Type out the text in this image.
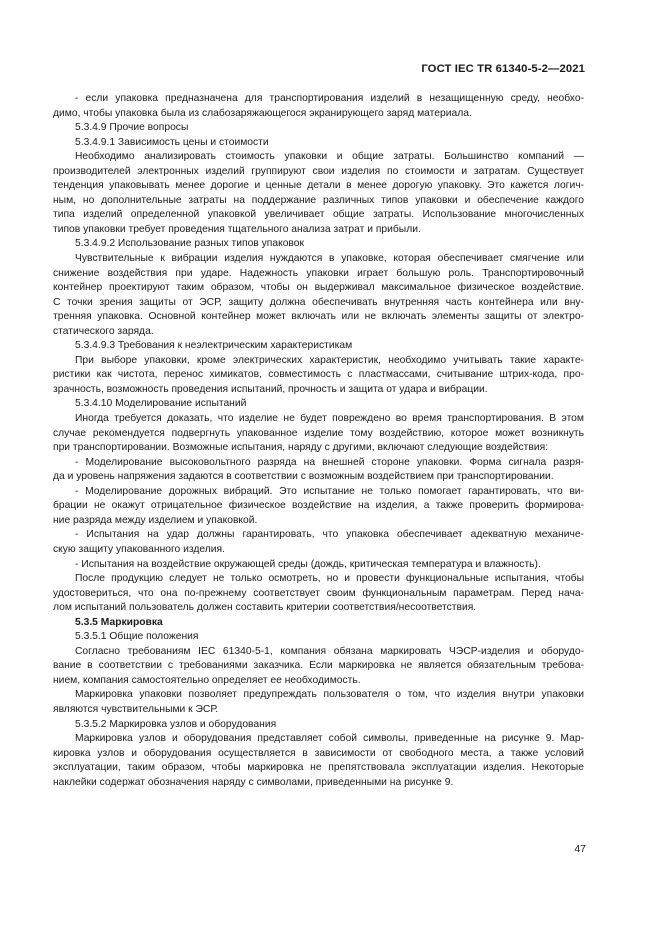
ГОСТ IEC TR 61340-5-2—2021
- если упаковка предназначена для транспортирования изделий в незащищенную среду, необхо-
димо, чтобы упаковка была из слабозаряжающегося экранирующего заряд материала.
5.3.4.9 Прочие вопросы
5.3.4.9.1 Зависимость цены и стоимости
Необходимо анализировать стоимость упаковки и общие затраты. Большинство компаний —
производителей электронных изделий группируют свои изделия по стоимости и затратам. Существует
тенденция упаковывать менее дорогие и ценные детали в менее дорогую упаковку. Это кажется логич-
ным, но дополнительные затраты на поддержание различных типов упаковки и обеспечение каждого
типа изделий определенной упаковкой увеличивает общие затраты. Использование многочисленных
типов упаковки требует проведения тщательного анализа затрат и прибыли.
5.3.4.9.2 Использование разных типов упаковок
Чувствительные к вибрации изделия нуждаются в упаковке, которая обеспечивает смягчение или
снижение воздействия при ударе. Надежность упаковки играет большую роль. Транспортировочный
контейнер проектируют таким образом, чтобы он выдерживал максимальное физическое воздействие.
С точки зрения защиты от ЭСР, защиту должна обеспечивать внутренняя часть контейнера или вну-
тренняя упаковка. Основной контейнер может включать или не включать элементы защиты от электро-
статического заряда.
5.3.4.9.3 Требования к неэлектрическим характеристикам
При выборе упаковки, кроме электрических характеристик, необходимо учитывать такие характе-
ристики как чистота, перенос химикатов, совместимость с пластмассами, считывание штрих-кода, про-
зрачность, возможность проведения испытаний, прочность и защита от удара и вибрации.
5.3.4.10 Моделирование испытаний
Иногда требуется доказать, что изделие не будет повреждено во время транспортирования. В этом
случае рекомендуется подвергнуть упакованное изделие тому воздействию, которое может возникнуть
при транспортировании. Возможные испытания, наряду с другими, включают следующие воздействия:
- Моделирование высоковольтного разряда на внешней стороне упаковки. Форма сигнала разря-
да и уровень напряжения задаются в соответствии с возможным воздействием при транспортировании.
- Моделирование дорожных вибраций. Это испытание не только помогает гарантировать, что ви-
брации не окажут отрицательное физическое воздействие на изделия, а также проверить формирова-
ние разряда между изделием и упаковкой.
- Испытания на удар должны гарантировать, что упаковка обеспечивает адекватную механиче-
скую защиту упакованного изделия.
- Испытания на воздействие окружающей среды (дождь, критическая температура и влажность).
После продукцию следует не только осмотреть, но и провести функциональные испытания, чтобы
удостовериться, что она по-прежнему соответствует своим функциональным параметрам. Перед нача-
лом испытаний пользователь должен составить критерии соответствия/несоответствия.
5.3.5 Маркировка
5.3.5.1 Общие положения
Согласно требованиям IEC 61340-5-1, компания обязана маркировать ЧЭСР-изделия и оборудо-
вание в соответствии с требованиями заказчика. Если маркировка не является обязательным требова-
нием, компания самостоятельно определяет ее необходимость.
Маркировка упаковки позволяет предупреждать пользователя о том, что изделия внутри упаковки
являются чувствительными к ЭСР.
5.3.5.2 Маркировка узлов и оборудования
Маркировка узлов и оборудования представляет собой символы, приведенные на рисунке 9. Мар-
кировка узлов и оборудования осуществляется в зависимости от свободного места, а также условий
эксплуатации, таким образом, чтобы маркировка не препятствовала эксплуатации изделия. Некоторые
наклейки содержат обозначения наряду с символами, приведенными на рисунке 9.
47
